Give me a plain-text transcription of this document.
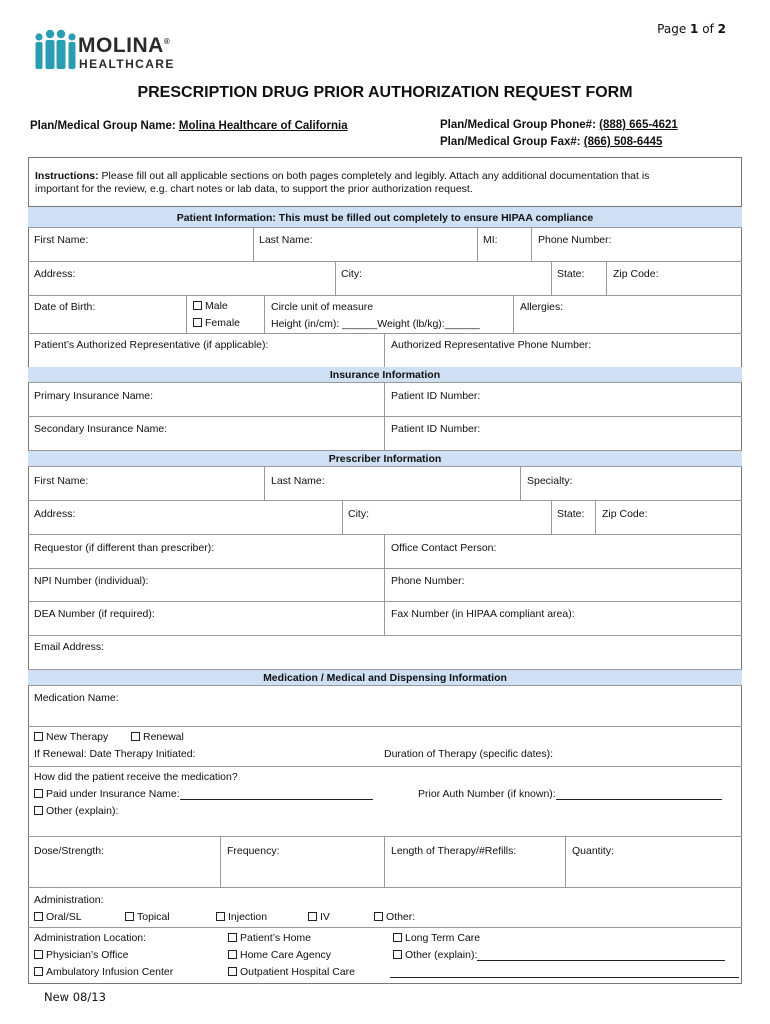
Page 1 of 2
MOLINA®
HEALTHCARE
PRESCRIPTION DRUG PRIOR AUTHORIZATION REQUEST FORM
Plan/Medical Group Name: Molina Healthcare of California	Plan/Medical Group Phone#: (888) 665-4621
Plan/Medical Group Fax#: (866) 508-6445
Instructions: Please fill out all applicable sections on both pages completely and legibly. Attach any additional documentation that is
important for the review, e.g. chart notes or lab data, to support the prior authorization request.
Patient Information: This must be filled out completely to ensure HIPAA compliance
First Name:	Last Name:	MI:	Phone Number:
Address:	City:	State:	Zip Code:
Date of Birth:	Male
Female
Circle unit of measure
Height (in/cm): ______Weight (lb/kg):______
Allergies:
Patient’s Authorized Representative (if applicable):	Authorized Representative Phone Number:
Insurance Information
Primary Insurance Name:	Patient ID Number:
Secondary Insurance Name:	Patient ID Number:
Prescriber Information
First Name:	Last Name:	Specialty:
Address:	City:	State: Zip Code:
Requestor (if different than prescriber):	Office Contact Person:
NPI Number (individual):	Phone Number:
DEA Number (if required):	Fax Number (in HIPAA compliant area):
Email Address:
Medication / Medical and Dispensing Information
Medication Name:
New Therapy	Renewal
If Renewal: Date Therapy Initiated:	Duration of Therapy (specific dates):
How did the patient receive the medication?
Paid under Insurance Name:	Prior Auth Number (if known):
Other (explain):
Dose/Strength:	Frequency:	Length of Therapy/#Refills:	Quantity:
Administration:
Oral/SL	Topical	Injection	IV	Other:
Administration Location:	Patient’s Home	Long Term Care
Physician’s Office	Home Care Agency	Other (explain):
Ambulatory Infusion Center	Outpatient Hospital Care
New 08/13
